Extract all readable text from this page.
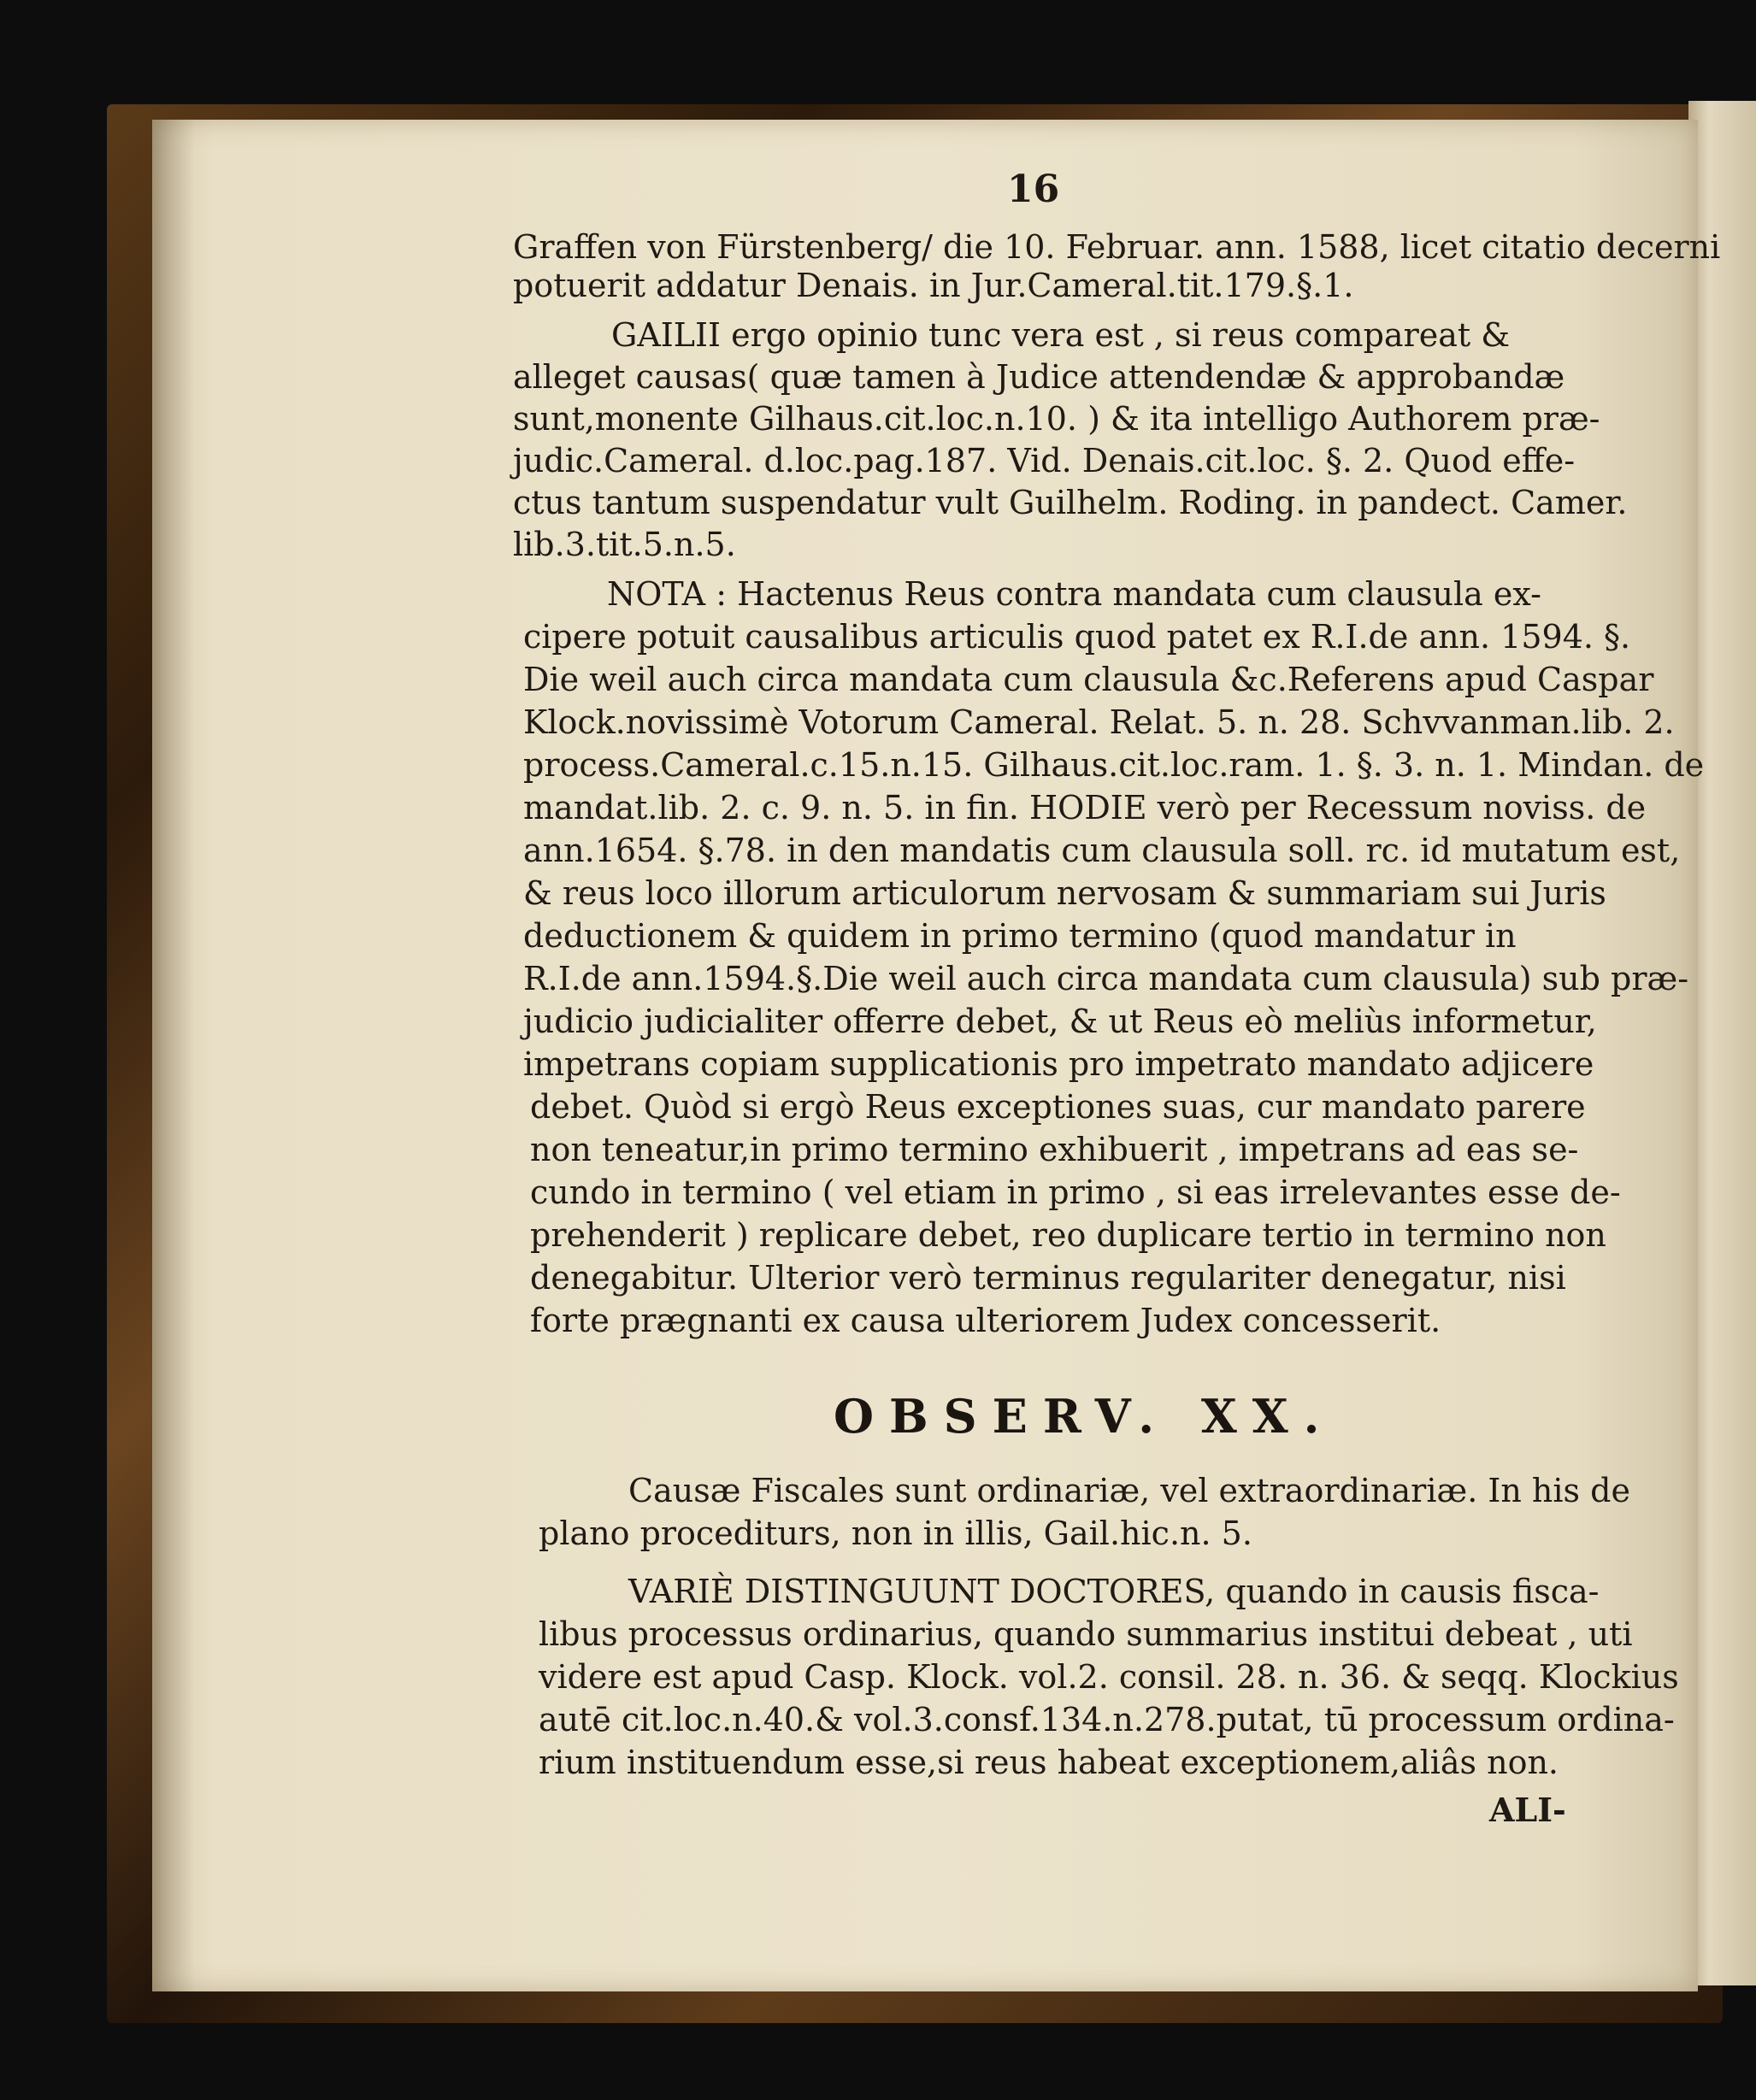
16
Graffen von Fürstenberg/ die 10. Februar. ann. 1588, licet citatio decerni
potuerit addatur Denais. in Jur.Cameral.tit.179.§.1.
GAILII ergo opinio tunc vera est , si reus compareat &
alleget causas( quæ tamen à Judice attendendæ & approbandæ
sunt,monente Gilhaus.cit.loc.n.10. ) & ita intelligo Authorem præ-
judic.Cameral. d.loc.pag.187. Vid. Denais.cit.loc. §. 2. Quod effe-
ctus tantum suspendatur vult Guilhelm. Roding. in pandect. Camer.
lib.3.tit.5.n.5.
NOTA : Hactenus Reus contra mandata cum clausula ex-
cipere potuit causalibus articulis quod patet ex R.I.de ann. 1594. §.
Die weil auch circa mandata cum clausula &c.Referens apud Caspar
Klock.novissimè Votorum Cameral. Relat. 5. n. 28. Schvvanman.lib. 2.
process.Cameral.c.15.n.15. Gilhaus.cit.loc.ram. 1. §. 3. n. 1. Mindan. de
mandat.lib. 2. c. 9. n. 5. in fin. HODIE verò per Recessum noviss. de
ann.1654. §.78. in den mandatis cum clausula soll. rc. id mutatum est,
& reus loco illorum articulorum nervosam & summariam sui Juris
deductionem & quidem in primo termino (quod mandatur in
R.I.de ann.1594.§.Die weil auch circa mandata cum clausula) sub præ-
judicio judicialiter offerre debet, & ut Reus eò meliùs informetur,
impetrans copiam supplicationis pro impetrato mandato adjicere
debet. Quòd si ergò Reus exceptiones suas, cur mandato parere
non teneatur,in primo termino exhibuerit , impetrans ad eas se-
cundo in termino ( vel etiam in primo , si eas irrelevantes esse de-
prehenderit ) replicare debet, reo duplicare tertio in termino non
denegabitur. Ulterior verò terminus regulariter denegatur, nisi
forte prægnanti ex causa ulteriorem Judex concesserit.
OBSERV. XX.
Causæ Fiscales sunt ordinariæ, vel extraordinariæ. In his de
plano procediturs, non in illis, Gail.hic.n. 5.
VARIÈ DISTINGUUNT DOCTORES, quando in causis fisca-
libus processus ordinarius, quando summarius institui debeat , uti
videre est apud Casp. Klock. vol.2. consil. 28. n. 36. & seqq. Klockius
autē cit.loc.n.40.& vol.3.consf.134.n.278.putat, tū processum ordina-
rium instituendum esse,si reus habeat exceptionem,aliâs non.
ALI-
